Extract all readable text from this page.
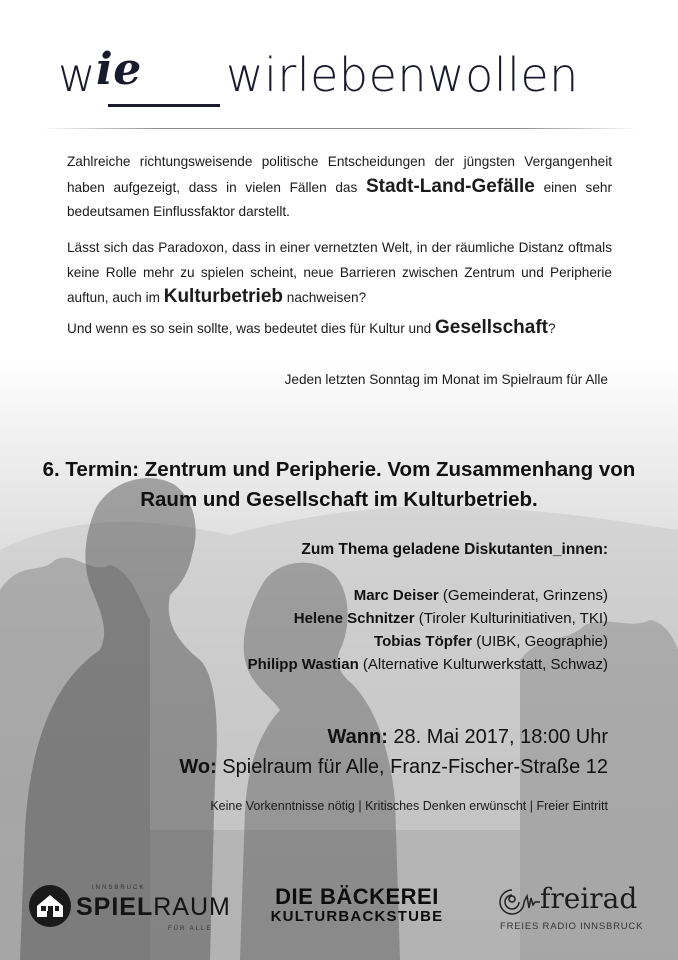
w ie wirlebenwollen
Zahlreiche richtungsweisende politische Entscheidungen der jüngsten Vergangenheit haben aufgezeigt, dass in vielen Fällen das Stadt-Land-Gefälle einen sehr bedeutsamen Einflussfaktor darstellt.
Lässt sich das Paradoxon, dass in einer vernetzten Welt, in der räumliche Distanz oftmals keine Rolle mehr zu spielen scheint, neue Barrieren zwischen Zentrum und Peripherie auftun, auch im Kulturbetrieb nachweisen?
Und wenn es so sein sollte, was bedeutet dies für Kultur und Gesellschaft?
Jeden letzten Sonntag im Monat im Spielraum für Alle
6. Termin: Zentrum und Peripherie. Vom Zusammenhang von
Raum und Gesellschaft im Kulturbetrieb.
Zum Thema geladene Diskutanten_innen:
Marc Deiser (Gemeinderat, Grinzens)
Helene Schnitzer (Tiroler Kulturinitiativen, TKI)
Tobias Töpfer (UIBK, Geographie)
Philipp Wastian (Alternative Kulturwerkstatt, Schwaz)
Wann: 28. Mai 2017, 18:00 Uhr
Wo: Spielraum für Alle, Franz-Fischer-Straße 12
Keine Vorkenntnisse nötig | Kritisches Denken erwünscht | Freier Eintritt
INNSBRUCK
SPIELRAUM
FÜR ALLE
DIE BÄCKEREI
KULTURBACKSTUBE
freirad
FREIES RADIO INNSBRUCK
